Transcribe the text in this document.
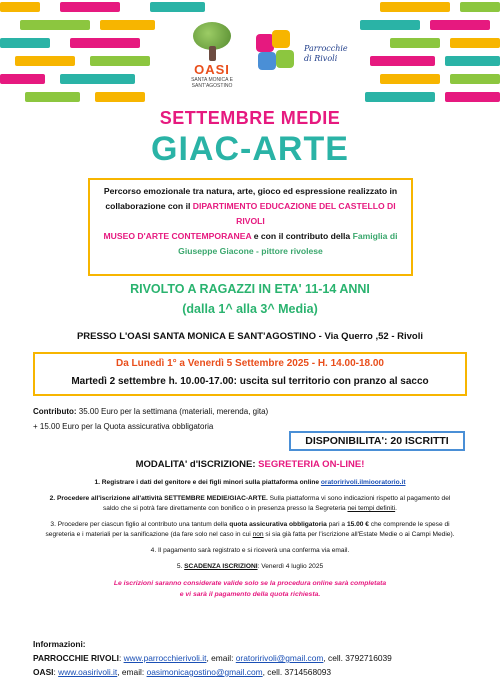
OASI
SANTA MONICA E
SANT'AGOSTINO
Parrocchie
di Rivoli
SETTEMBRE MEDIE
GIAC-ARTE
Percorso emozionale tra natura, arte, gioco ed espressione realizzato in collaborazione con il DIPARTIMENTO EDUCAZIONE DEL CASTELLO DI RIVOLI
MUSEO D'ARTE CONTEMPORANEA e con il contributo della Famiglia di Giuseppe Giacone - pittore rivolese
RIVOLTO A RAGAZZI IN ETA' 11-14 ANNI
(dalla 1^ alla 3^ Media)
PRESSO L'OASI SANTA MONICA E SANT'AGOSTINO - Via Querro ,52 - Rivoli
Da Lunedì 1° a Venerdì 5 Settembre 2025 - H. 14.00-18.00
Martedì 2 settembre h. 10.00-17.00: uscita sul territorio con pranzo al sacco
Contributo: 35.00 Euro per la settimana (materiali, merenda, gita)
+ 15.00 Euro per la Quota assicurativa obbligatoria
DISPONIBILITA': 20 ISCRITTI
MODALITA' d'ISCRIZIONE: SEGRETERIA ON-LINE!
1. Registrare i dati del genitore e dei figli minori sulla piattaforma online oratoririvoli.ilmiooratorio.it
2. Procedere all'iscrizione all'attività SETTEMBRE MEDIE/GIAC-ARTE. Sulla piattaforma vi sono indicazioni rispetto al pagamento del saldo che si potrà fare direttamente con bonifico o in presenza presso la Segreteria nei tempi definiti.
3. Procedere per ciascun figlio al contributo una tantum della quota assicurativa obbligatoria pari a 15.00 € che comprende le spese di segreteria e i materiali per la sanificazione (da fare solo nel caso in cui non si sia già fatta per l'iscrizione all'Estate Medie o ai Campi Medie).
4. Il pagamento sarà registrato e si riceverà una conferma via email.
5. SCADENZA ISCRIZIONI: Venerdì 4 luglio 2025
Le iscrizioni saranno considerate valide solo se la procedura online sarà completata
e vi sarà il pagamento della quota richiesta.
Informazioni:
PARROCCHIE RIVOLI: www.parrocchierivoli.it, email: oratoririvoli@gmail.com, cell. 3792716039
OASI: www.oasirivoli.it, email: oasimonicagostino@gmail.com, cell. 3714568093
